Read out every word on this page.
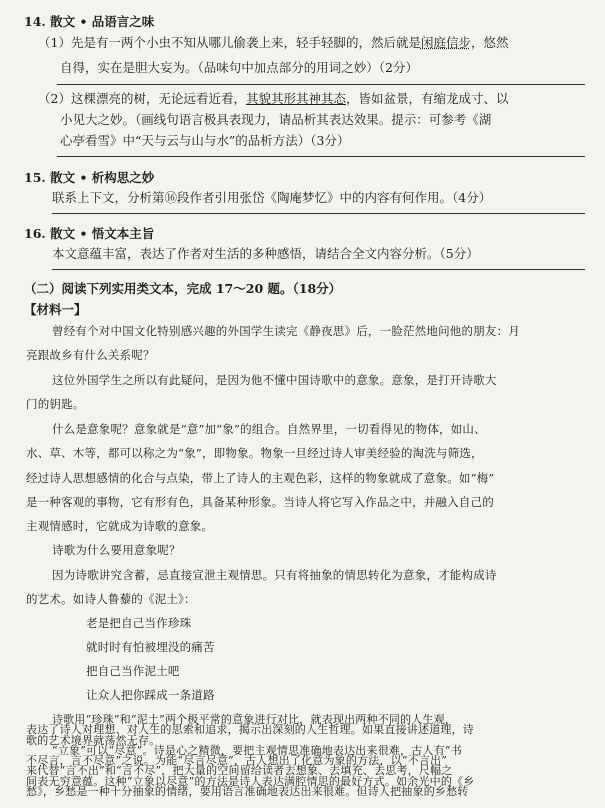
14. 散文 • 品语言之味
（1）先是有一两个小虫不知从哪儿偷袭上来，轻手轻脚的，然后就是闲庭信步，悠然
自得，实在是胆大妄为。（品味句中加点部分的用词之妙）（2分）
（2）这棵漂亮的树，无论远看近看，其貌其形其神其态，皆如盆景，有缩龙成寸、以
小见大之妙。（画线句语言极具表现力，请品析其表达效果。提示：可参考《湖
心亭看雪》中“天与云与山与水”的品析方法）（3分）
15. 散文 • 析构思之妙
联系上下文，分析第⑯段作者引用张岱《陶庵梦忆》中的内容有何作用。（4分）
16. 散文 • 悟文本主旨
本文意蕴丰富，表达了作者对生活的多种感悟，请结合全文内容分析。（5分）
（二）阅读下列实用类文本，完成 17～20 题。（18分）
【材料一】
曾经有个对中国文化特别感兴趣的外国学生读完《静夜思》后，一脸茫然地问他的朋友：月
亮跟故乡有什么关系呢？
这位外国学生之所以有此疑问，是因为他不懂中国诗歌中的意象。意象，是打开诗歌大
门的钥匙。
什么是意象呢？意象就是“意”加“象”的组合。自然界里，一切看得见的物体，如山、
水、草、木等，都可以称之为“象”，即物象。物象一旦经过诗人审美经验的淘洗与筛选，
经过诗人思想感情的化合与点染，带上了诗人的主观色彩，这样的物象就成了意象。如“梅”
是一种客观的事物，它有形有色，具备某种形象。当诗人将它写入作品之中，并融入自己的
主观情感时，它就成为诗歌的意象。
诗歌为什么要用意象呢？
因为诗歌讲究含蓄，忌直接宣泄主观情思。只有将抽象的情思转化为意象，才能构成诗
的艺术。如诗人鲁藜的《泥土》：
老是把自己当作珍珠
就时时有怕被埋没的痛苦
把自己当作泥土吧
让众人把你踩成一条道路
诗歌用“珍珠”和“泥土”两个极平常的意象进行对比，就表现出两种不同的人生观，
表达了诗人对理想、对人生的思索和追求，揭示出深刻的人生哲理。如果直接讲述道理，诗
歌的艺术境界就荡然无存。
“立象”可以“尽意”。诗是心之精微，要把主观情思准确地表达出来很难，古人有“书
不尽言，言不尽意”之说。为能“尽言尽意”，古人想出了化意为象的方法，以“不言出”
来代替“言不出”和“言不尽”，把大量的空间留给读者去想象、去填充、去思考，尺幅之
间表无穷意蕴。这种“立象以尽意”的方法是诗人表达满腔情思的最好方式。如余光中的《乡
愁》，乡愁是一种十分抽象的情绪，要用语言准确地表达出来很难。但诗人把抽象的乡愁转
